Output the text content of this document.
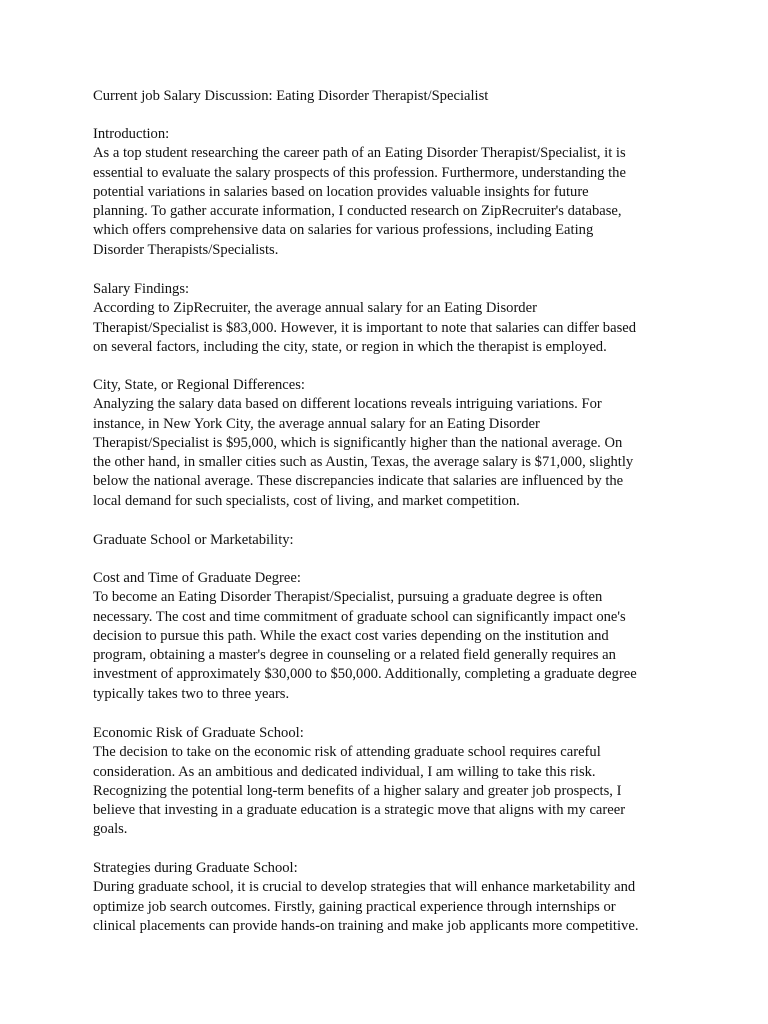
Current job Salary Discussion: Eating Disorder Therapist/Specialist
Introduction:
As a top student researching the career path of an Eating Disorder Therapist/Specialist, it is
essential to evaluate the salary prospects of this profession. Furthermore, understanding the
potential variations in salaries based on location provides valuable insights for future
planning. To gather accurate information, I conducted research on ZipRecruiter's database,
which offers comprehensive data on salaries for various professions, including Eating
Disorder Therapists/Specialists.
Salary Findings:
According to ZipRecruiter, the average annual salary for an Eating Disorder
Therapist/Specialist is $83,000. However, it is important to note that salaries can differ based
on several factors, including the city, state, or region in which the therapist is employed.
City, State, or Regional Differences:
Analyzing the salary data based on different locations reveals intriguing variations. For
instance, in New York City, the average annual salary for an Eating Disorder
Therapist/Specialist is $95,000, which is significantly higher than the national average. On
the other hand, in smaller cities such as Austin, Texas, the average salary is $71,000, slightly
below the national average. These discrepancies indicate that salaries are influenced by the
local demand for such specialists, cost of living, and market competition.
Graduate School or Marketability:
Cost and Time of Graduate Degree:
To become an Eating Disorder Therapist/Specialist, pursuing a graduate degree is often
necessary. The cost and time commitment of graduate school can significantly impact one's
decision to pursue this path. While the exact cost varies depending on the institution and
program, obtaining a master's degree in counseling or a related field generally requires an
investment of approximately $30,000 to $50,000. Additionally, completing a graduate degree
typically takes two to three years.
Economic Risk of Graduate School:
The decision to take on the economic risk of attending graduate school requires careful
consideration. As an ambitious and dedicated individual, I am willing to take this risk.
Recognizing the potential long-term benefits of a higher salary and greater job prospects, I
believe that investing in a graduate education is a strategic move that aligns with my career
goals.
Strategies during Graduate School:
During graduate school, it is crucial to develop strategies that will enhance marketability and
optimize job search outcomes. Firstly, gaining practical experience through internships or
clinical placements can provide hands-on training and make job applicants more competitive.
